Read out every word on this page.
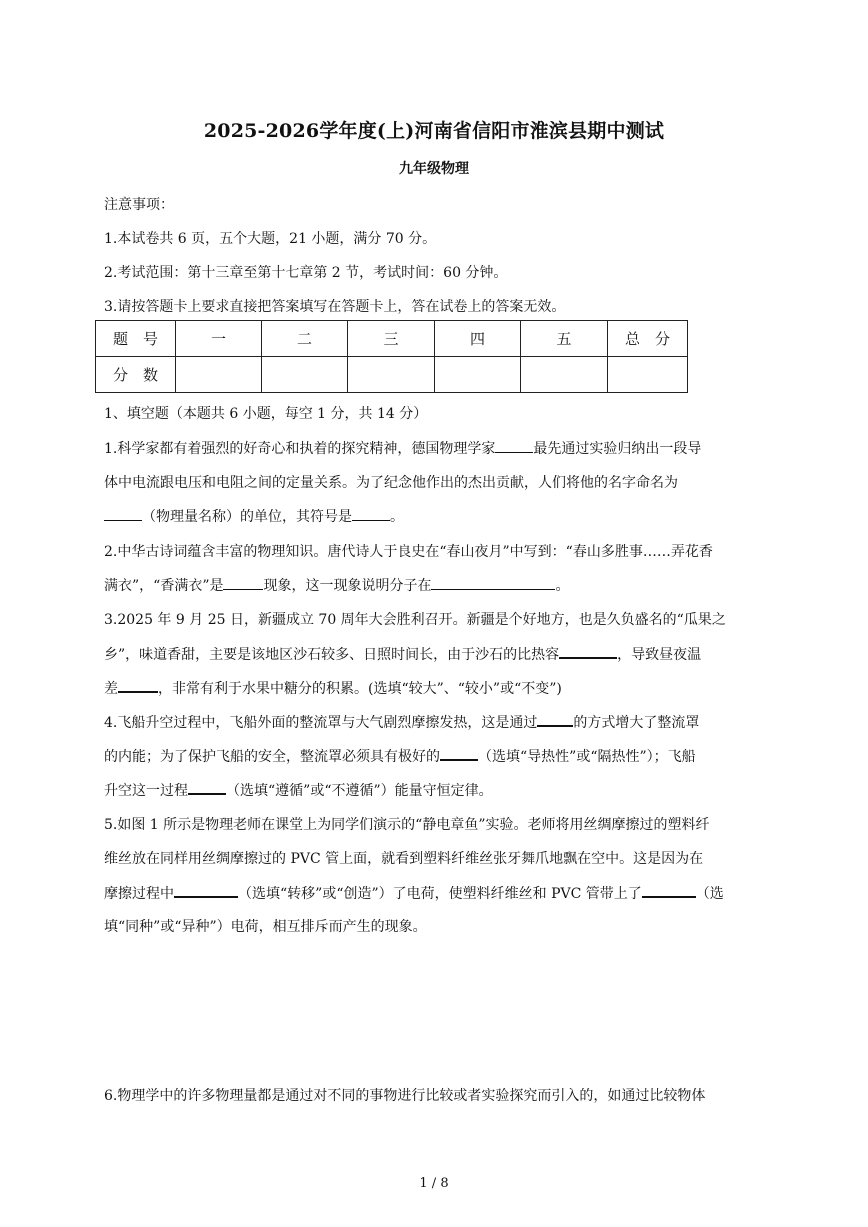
2025-2026学年度(上)河南省信阳市淮滨县期中测试
九年级物理
注意事项：
1.本试卷共 6 页，五个大题，21 小题，满分 70 分。
2.考试范围：第十三章至第十七章第 2 节，考试时间：60 分钟。
3.请按答题卡上要求直接把答案填写在答题卡上，答在试卷上的答案无效。
题　号	一	二	三	四	五	总　分
分　数						
1、填空题（本题共 6 小题，每空 1 分，共 14 分）
1.科学家都有着强烈的好奇心和执着的探究精神，德国物理学家	最先通过实验归纳出一段导
体中电流跟电压和电阻之间的定量关系。为了纪念他作出的杰出贡献，人们将他的名字命名为
（物理量名称）的单位，其符号是	。
2.中华古诗词蕴含丰富的物理知识。唐代诗人于良史在“春山夜月”中写到：“春山多胜事……弄花香
满衣”，“香满衣”是	现象，这一现象说明分子在	。
3.2025 年 9 月 25 日，新疆成立 70 周年大会胜利召开。新疆是个好地方，也是久负盛名的“瓜果之
乡”，味道香甜，主要是该地区沙石较多、日照时间长，由于沙石的比热容	，导致昼夜温
差	，非常有利于水果中糖分的积累。(选填“较大”、“较小”或“不变”)
4.飞船升空过程中，飞船外面的整流罩与大气剧烈摩擦发热，这是通过	的方式增大了整流罩
的内能；为了保护飞船的安全，整流罩必须具有极好的	（选填“导热性”或“隔热性”）；飞船
升空这一过程	（选填“遵循”或“不遵循”）能量守恒定律。
5.如图 1 所示是物理老师在课堂上为同学们演示的“静电章鱼”实验。老师将用丝绸摩擦过的塑料纤
维丝放在同样用丝绸摩擦过的 PVC 管上面，就看到塑料纤维丝张牙舞爪地飘在空中。这是因为在
摩擦过程中	（选填“转移”或“创造”）了电荷，使塑料纤维丝和 PVC 管带上了	（选
填“同种”或“异种”）电荷，相互排斥而产生的现象。
6.物理学中的许多物理量都是通过对不同的事物进行比较或者实验探究而引入的，如通过比较物体
1 / 8
